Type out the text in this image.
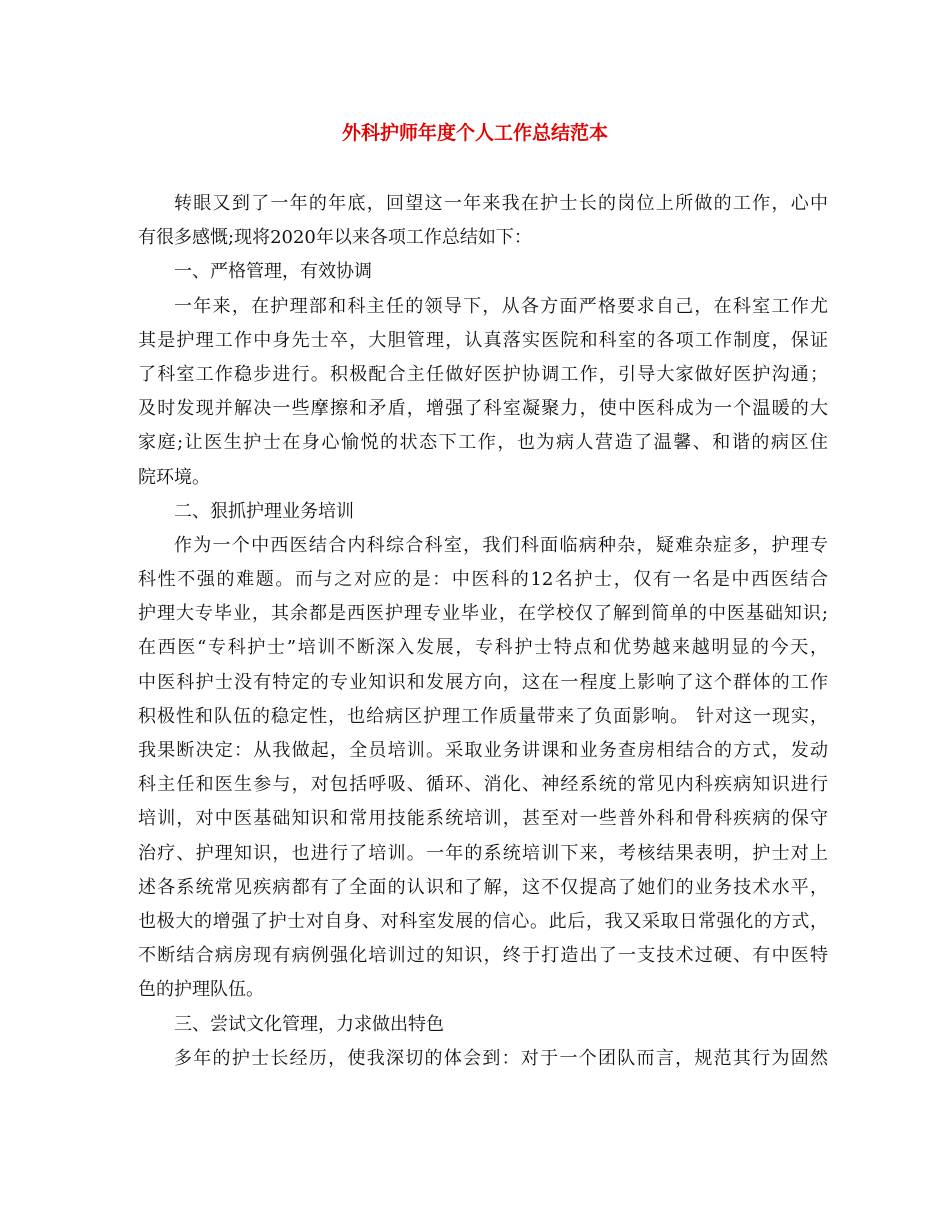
外科护师年度个人工作总结范本
转眼又到了一年的年底，回望这一年来我在护士长的岗位上所做的工作，心中
有很多感慨;现将2020年以来各项工作总结如下：
一、严格管理，有效协调
一年来，在护理部和科主任的领导下，从各方面严格要求自己，在科室工作尤
其是护理工作中身先士卒，大胆管理，认真落实医院和科室的各项工作制度，保证
了科室工作稳步进行。积极配合主任做好医护协调工作，引导大家做好医护沟通；
及时发现并解决一些摩擦和矛盾，增强了科室凝聚力，使中医科成为一个温暖的大
家庭;让医生护士在身心愉悦的状态下工作，也为病人营造了温馨、和谐的病区住
院环境。
二、狠抓护理业务培训
作为一个中西医结合内科综合科室，我们科面临病种杂，疑难杂症多，护理专
科性不强的难题。而与之对应的是：中医科的12名护士，仅有一名是中西医结合
护理大专毕业，其余都是西医护理专业毕业，在学校仅了解到简单的中医基础知识;
在西医“专科护士”培训不断深入发展，专科护士特点和优势越来越明显的今天，
中医科护士没有特定的专业知识和发展方向，这在一程度上影响了这个群体的工作
积极性和队伍的稳定性，也给病区护理工作质量带来了负面影响。 针对这一现实，
我果断决定：从我做起，全员培训。采取业务讲课和业务查房相结合的方式，发动
科主任和医生参与，对包括呼吸、循环、消化、神经系统的常见内科疾病知识进行
培训，对中医基础知识和常用技能系统培训，甚至对一些普外科和骨科疾病的保守
治疗、护理知识，也进行了培训。一年的系统培训下来，考核结果表明，护士对上
述各系统常见疾病都有了全面的认识和了解，这不仅提高了她们的业务技术水平，
也极大的增强了护士对自身、对科室发展的信心。此后，我又采取日常强化的方式，
不断结合病房现有病例强化培训过的知识，终于打造出了一支技术过硬、有中医特
色的护理队伍。
三、尝试文化管理，力求做出特色
多年的护士长经历，使我深切的体会到：对于一个团队而言，规范其行为固然
